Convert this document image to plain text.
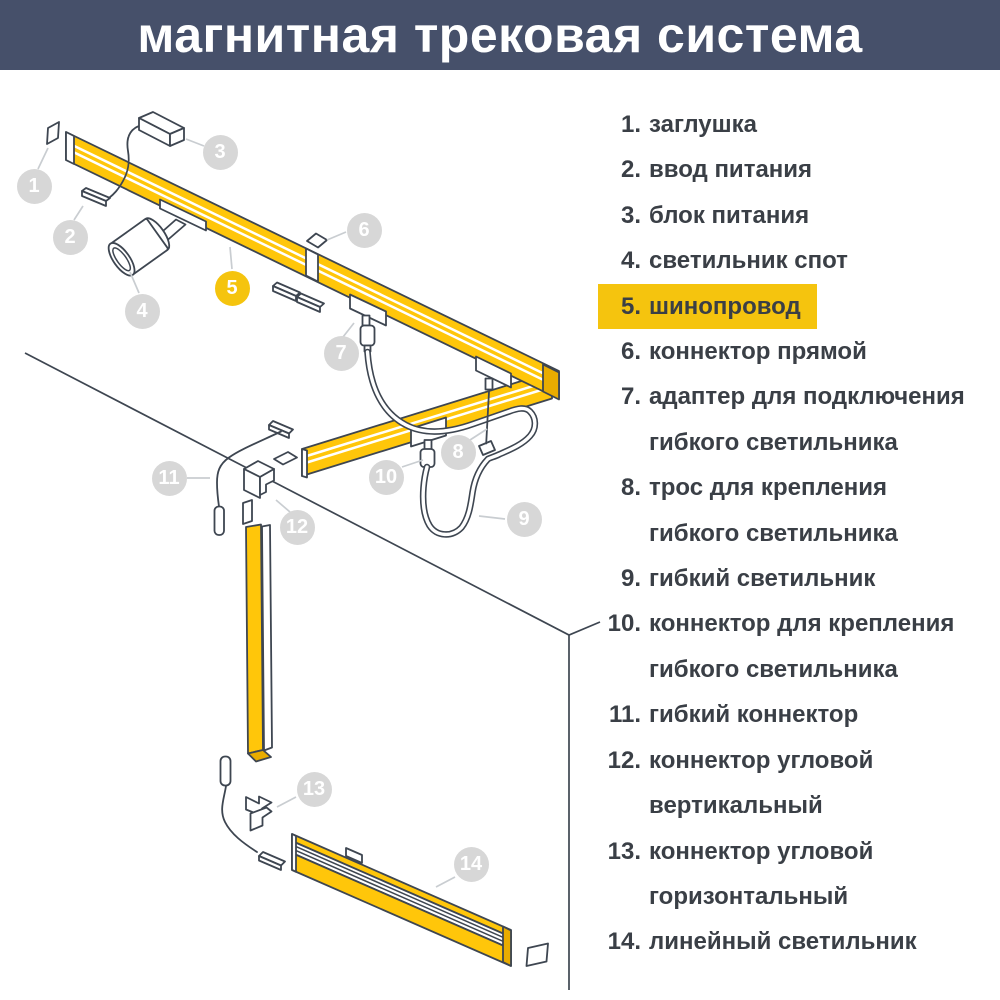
магнитная трековая система
1
2
3
4
5
6
7
8
9
10
11
12
13
14
1. заглушка
2. ввод питания
3. блок питания
4. светильник спот
5. шинопровод
6. коннектор прямой
7. адаптер для подключения гибкого светильника
8. трос для крепления гибкого светильника
9. гибкий светильник
10. коннектор для крепления гибкого светильника
11. гибкий коннектор
12. коннектор угловой вертикальный
13. коннектор угловой горизонтальный
14. линейный светильник
